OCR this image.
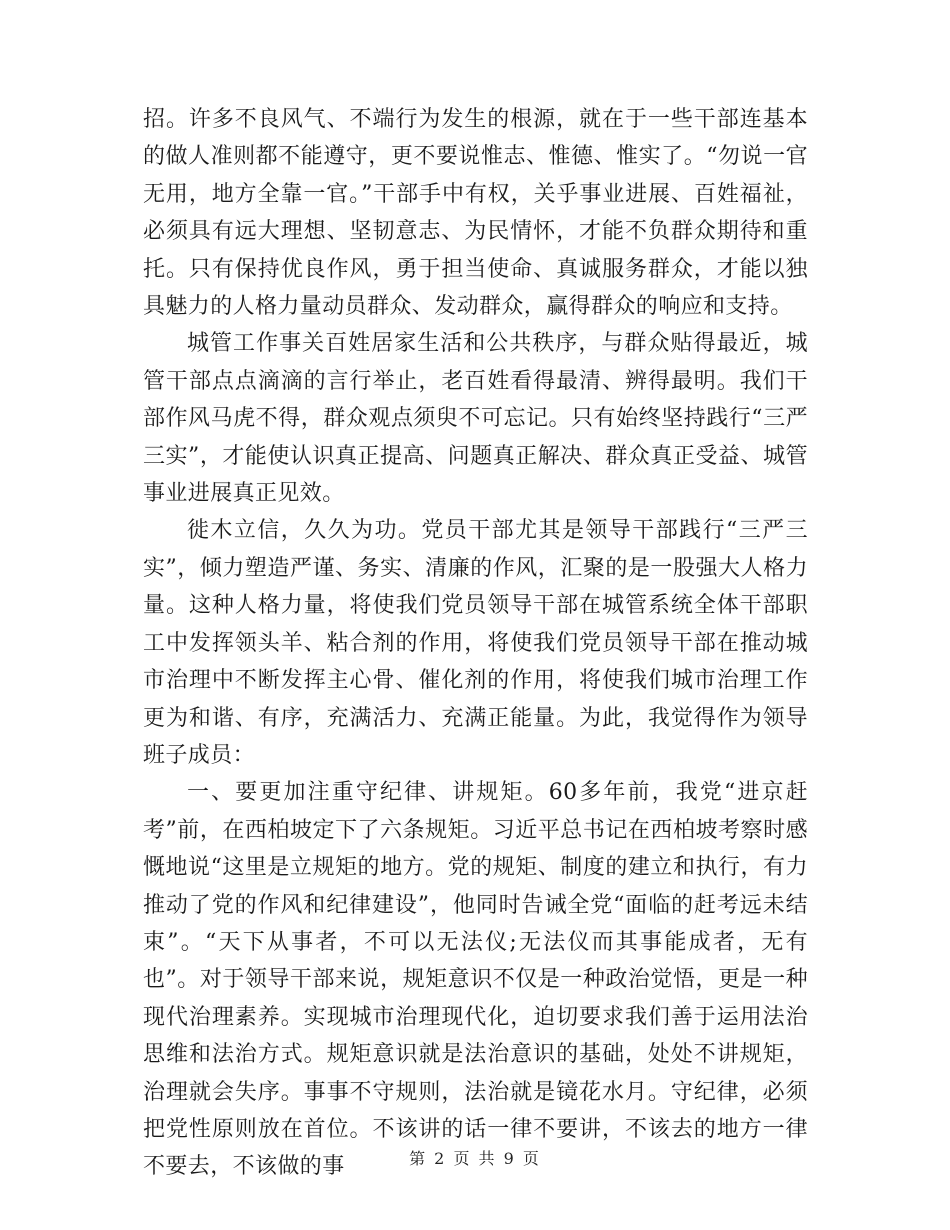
招。许多不良风气、不端行为发生的根源，就在于一些干部连基本的做人准则都不能遵守，更不要说惟志、惟德、惟实了。“勿说一官无用，地方全靠一官。”干部手中有权，关乎事业进展、百姓福祉，必须具有远大理想、坚韧意志、为民情怀，才能不负群众期待和重托。只有保持优良作风，勇于担当使命、真诚服务群众，才能以独具魅力的人格力量动员群众、发动群众，赢得群众的响应和支持。

城管工作事关百姓居家生活和公共秩序，与群众贴得最近，城管干部点点滴滴的言行举止，老百姓看得最清、辨得最明。我们干部作风马虎不得，群众观点须臾不可忘记。只有始终坚持践行“三严三实”，才能使认识真正提高、问题真正解决、群众真正受益、城管事业进展真正见效。

徙木立信，久久为功。党员干部尤其是领导干部践行“三严三实”，倾力塑造严谨、务实、清廉的作风，汇聚的是一股强大人格力量。这种人格力量，将使我们党员领导干部在城管系统全体干部职工中发挥领头羊、粘合剂的作用，将使我们党员领导干部在推动城市治理中不断发挥主心骨、催化剂的作用，将使我们城市治理工作更为和谐、有序，充满活力、充满正能量。为此，我觉得作为领导班子成员：

一、要更加注重守纪律、讲规矩。60多年前，我党“进京赶考”前，在西柏坡定下了六条规矩。习近平总书记在西柏坡考察时感慨地说“这里是立规矩的地方。党的规矩、制度的建立和执行，有力推动了党的作风和纪律建设”，他同时告诫全党“面临的赶考远未结束”。“天下从事者，不可以无法仪;无法仪而其事能成者，无有也”。对于领导干部来说，规矩意识不仅是一种政治觉悟，更是一种现代治理素养。实现城市治理现代化，迫切要求我们善于运用法治思维和法治方式。规矩意识就是法治意识的基础，处处不讲规矩，治理就会失序。事事不守规则，法治就是镜花水月。守纪律，必须把党性原则放在首位。不该讲的话一律不要讲，不该去的地方一律不要去，不该做的事	第 2 页 共 9 页
